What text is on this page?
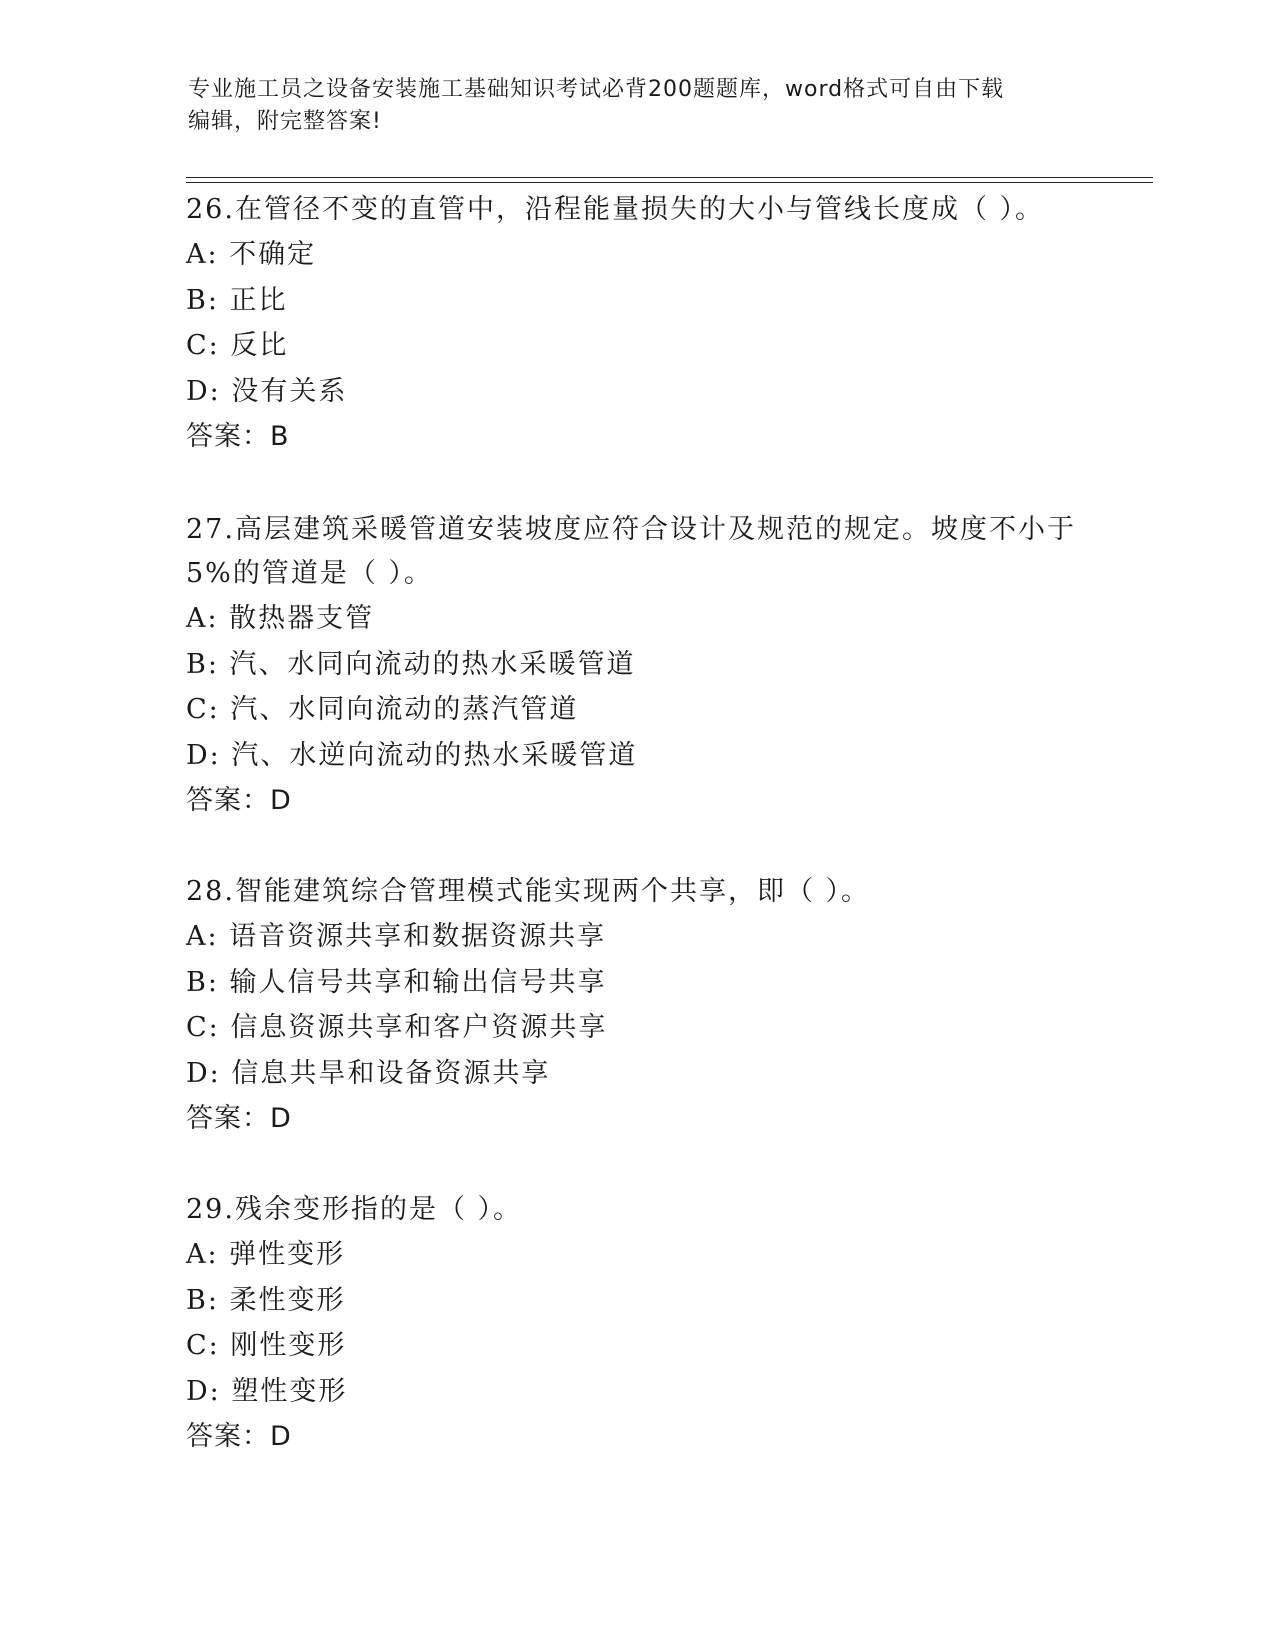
专业施工员之设备安装施工基础知识考试必背200题题库，word格式可自由下载
编辑，附完整答案!

26.在管径不变的直管中，沿程能量损失的大小与管线长度成（ ）。

A: 不确定

B: 正比

C: 反比

D: 没有关系

答案：B

27.高层建筑采暖管道安装坡度应符合设计及规范的规定。坡度不小于5%的管道是（ ）。

A: 散热器支管

B: 汽、水同向流动的热水采暖管道

C: 汽、水同向流动的蒸汽管道

D: 汽、水逆向流动的热水采暖管道

答案：D

28.智能建筑综合管理模式能实现两个共享，即（ ）。

A: 语音资源共享和数据资源共享

B: 输人信号共享和输出信号共享

C: 信息资源共享和客户资源共享

D: 信息共旱和设备资源共享

答案：D

29.残余变形指的是（ ）。

A: 弹性变形

B: 柔性变形

C: 刚性变形

D: 塑性变形

答案：D
